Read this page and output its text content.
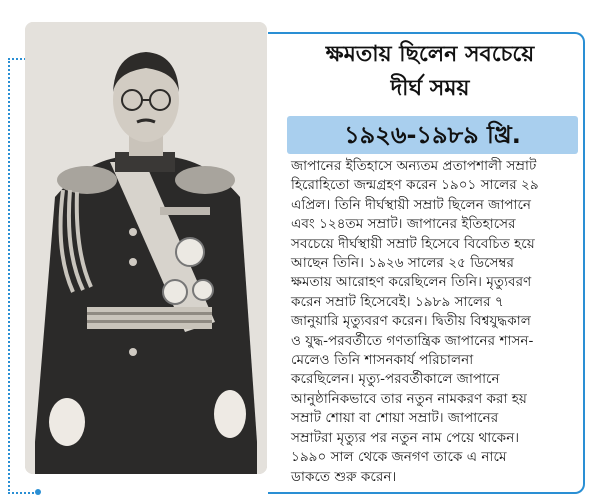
ক্ষমতায় ছিলেন সবচেয়ে
দীর্ঘ সময়
১৯২৬-১৯৮৯ খ্রি.

জাপানের ইতিহাসে অন্যতম প্রতাপশালী সম্রাট
হিরোহিতো জন্মগ্রহণ করেন ১৯০১ সালের ২৯
এপ্রিল। তিনি দীর্ঘস্থায়ী সম্রাট ছিলেন জাপানে
এবং ১২৪তম সম্রাট। জাপানের ইতিহাসের
সবচেয়ে দীর্ঘস্থায়ী সম্রাট হিসেবে বিবেচিত হয়ে
আছেন তিনি। ১৯২৬ সালের ২৫ ডিসেম্বর
ক্ষমতায় আরোহণ করেছিলেন তিনি। মৃত্যুবরণ
করেন সম্রাট হিসেবেই। ১৯৮৯ সালের ৭
জানুয়ারি মৃত্যুবরণ করেন। দ্বিতীয় বিশ্বযুদ্ধকাল
ও যুদ্ধ-পরবর্তীতে গণতান্ত্রিক জাপানের শাসন-
মেলেও তিনি শাসনকার্য পরিচালনা
করেছিলেন। মৃত্যু-পরবর্তীকালে জাপানে
আনুষ্ঠানিকভাবে তার নতুন নামকরণ করা হয়
সম্রাট শোয়া বা শোয়া সম্রাট। জাপানের
সম্রাটরা মৃত্যুর পর নতুন নাম পেয়ে থাকেন।
১৯৯০ সাল থেকে জনগণ তাকে এ নামে
ডাকতে শুরু করেন।
